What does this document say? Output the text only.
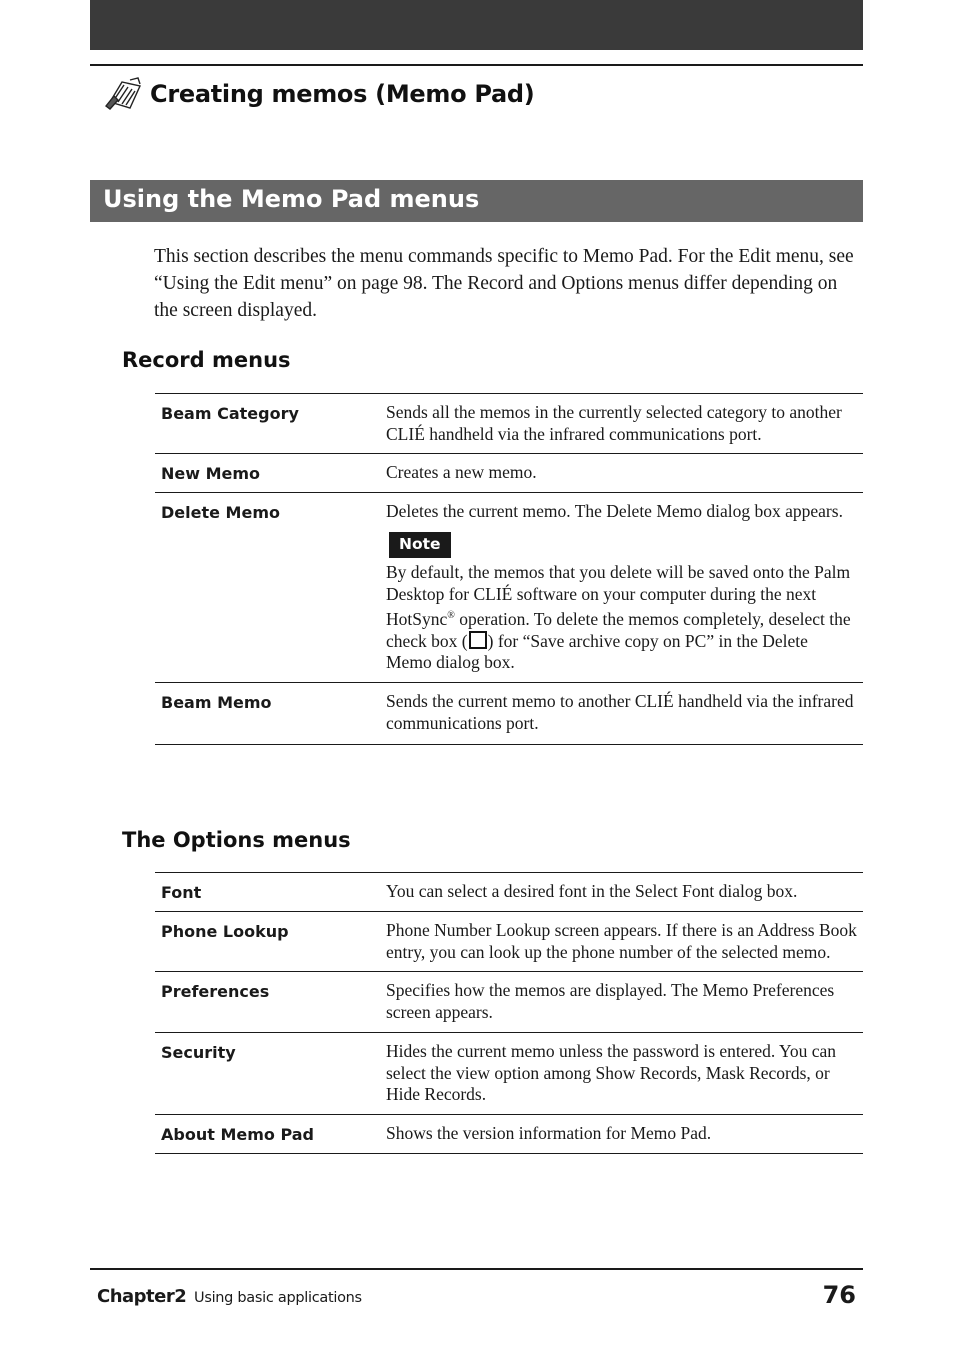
Creating memos (Memo Pad)
Using the Memo Pad menus
This section describes the menu commands specific to Memo Pad. For the Edit menu, see “Using the Edit menu” on page 98. The Record and Options menus differ depending on the screen displayed.
Record menus
Beam Category	Sends all the memos in the currently selected category to another CLIÉ handheld via the infrared communications port.
New Memo	Creates a new memo.
Delete Memo	Deletes the current memo. The Delete Memo dialog box appears.
Note
By default, the memos that you delete will be saved onto the Palm Desktop for CLIÉ software on your computer during the next HotSync® operation. To delete the memos completely, deselect the check box ( ) for “Save archive copy on PC” in the Delete Memo dialog box.
Beam Memo	Sends the current memo to another CLIÉ handheld via the infrared communications port.
The Options menus
Font	You can select a desired font in the Select Font dialog box.
Phone Lookup	Phone Number Lookup screen appears. If there is an Address Book entry, you can look up the phone number of the selected memo.
Preferences	Specifies how the memos are displayed. The Memo Preferences screen appears.
Security	Hides the current memo unless the password is entered. You can select the view option among Show Records, Mask Records, or Hide Records.
About Memo Pad	Shows the version information for Memo Pad.
Chapter2 Using basic applications	76
